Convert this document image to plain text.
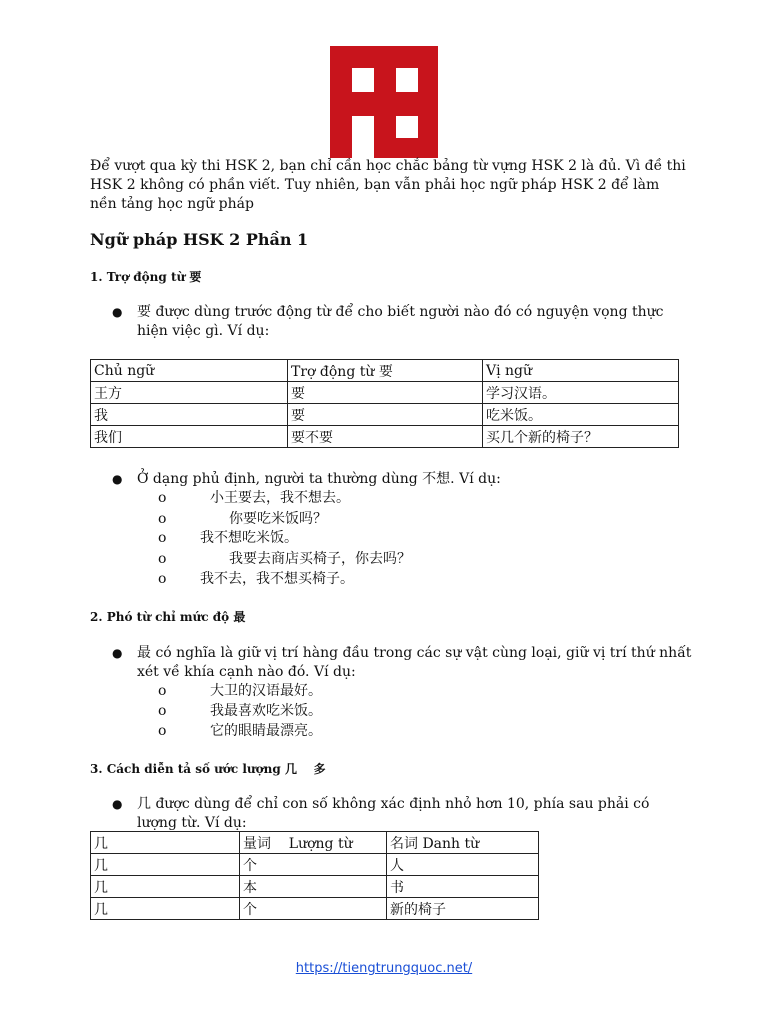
Để vượt qua kỳ thi HSK 2, bạn chỉ cần học chắc bảng từ vựng HSK 2 là đủ. Vì đề thi HSK 2 không có phần viết. Tuy nhiên, bạn vẫn phải học ngữ pháp HSK 2 để làm nền tảng học ngữ pháp
Ngữ pháp HSK 2 Phần 1
1. Trợ động từ 要
● 要 được dùng trước động từ để cho biết người nào đó có nguyện vọng thực hiện việc gì. Ví dụ:
Chủ ngữ	Trợ động từ 要	Vị ngữ
王方	要	学习汉语。
我	要	吃米饭。
我们	要不要	买几个新的椅子？
● Ở dạng phủ định, người ta thường dùng 不想. Ví dụ:
o	小王要去，我不想去。
o	你要吃米饭吗？
o 我不想吃米饭。
o	我要去商店买椅子，你去吗？
o 我不去，我不想买椅子。
2. Phó từ chỉ mức độ 最
● 最 có nghĩa là giữ vị trí hàng đầu trong các sự vật cùng loại, giữ vị trí thứ nhất xét về khía cạnh nào đó. Ví dụ:
o	大卫的汉语最好。
o	我最喜欢吃米饭。
o	它的眼睛最漂亮。
3. Cách diễn tả số ước lượng 几    多
● 几 được dùng để chỉ con số không xác định nhỏ hơn 10, phía sau phải có lượng từ. Ví dụ:
几	量词    Lượng từ	名词 Danh từ
几	个	人
几	本	书
几	个	新的椅子
https://tiengtrungquoc.net/
